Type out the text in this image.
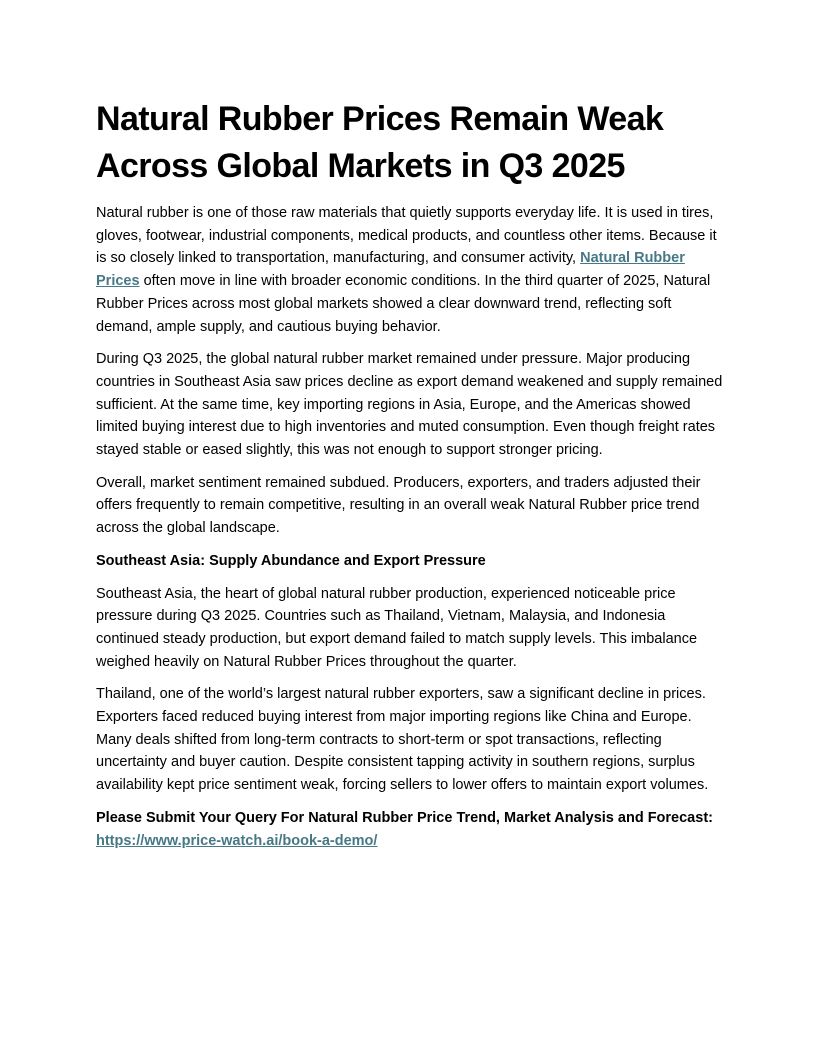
Natural Rubber Prices Remain Weak Across Global Markets in Q3 2025

Natural rubber is one of those raw materials that quietly supports everyday life. It is used in tires, gloves, footwear, industrial components, medical products, and countless other items. Because it is so closely linked to transportation, manufacturing, and consumer activity, Natural Rubber Prices often move in line with broader economic conditions. In the third quarter of 2025, Natural Rubber Prices across most global markets showed a clear downward trend, reflecting soft demand, ample supply, and cautious buying behavior.

During Q3 2025, the global natural rubber market remained under pressure. Major producing countries in Southeast Asia saw prices decline as export demand weakened and supply remained sufficient. At the same time, key importing regions in Asia, Europe, and the Americas showed limited buying interest due to high inventories and muted consumption. Even though freight rates stayed stable or eased slightly, this was not enough to support stronger pricing.

Overall, market sentiment remained subdued. Producers, exporters, and traders adjusted their offers frequently to remain competitive, resulting in an overall weak Natural Rubber price trend across the global landscape.

Southeast Asia: Supply Abundance and Export Pressure

Southeast Asia, the heart of global natural rubber production, experienced noticeable price pressure during Q3 2025. Countries such as Thailand, Vietnam, Malaysia, and Indonesia continued steady production, but export demand failed to match supply levels. This imbalance weighed heavily on Natural Rubber Prices throughout the quarter.

Thailand, one of the world’s largest natural rubber exporters, saw a significant decline in prices. Exporters faced reduced buying interest from major importing regions like China and Europe. Many deals shifted from long-term contracts to short-term or spot transactions, reflecting uncertainty and buyer caution. Despite consistent tapping activity in southern regions, surplus availability kept price sentiment weak, forcing sellers to lower offers to maintain export volumes.

Please Submit Your Query For Natural Rubber Price Trend, Market Analysis and Forecast: https://www.price-watch.ai/book-a-demo/
